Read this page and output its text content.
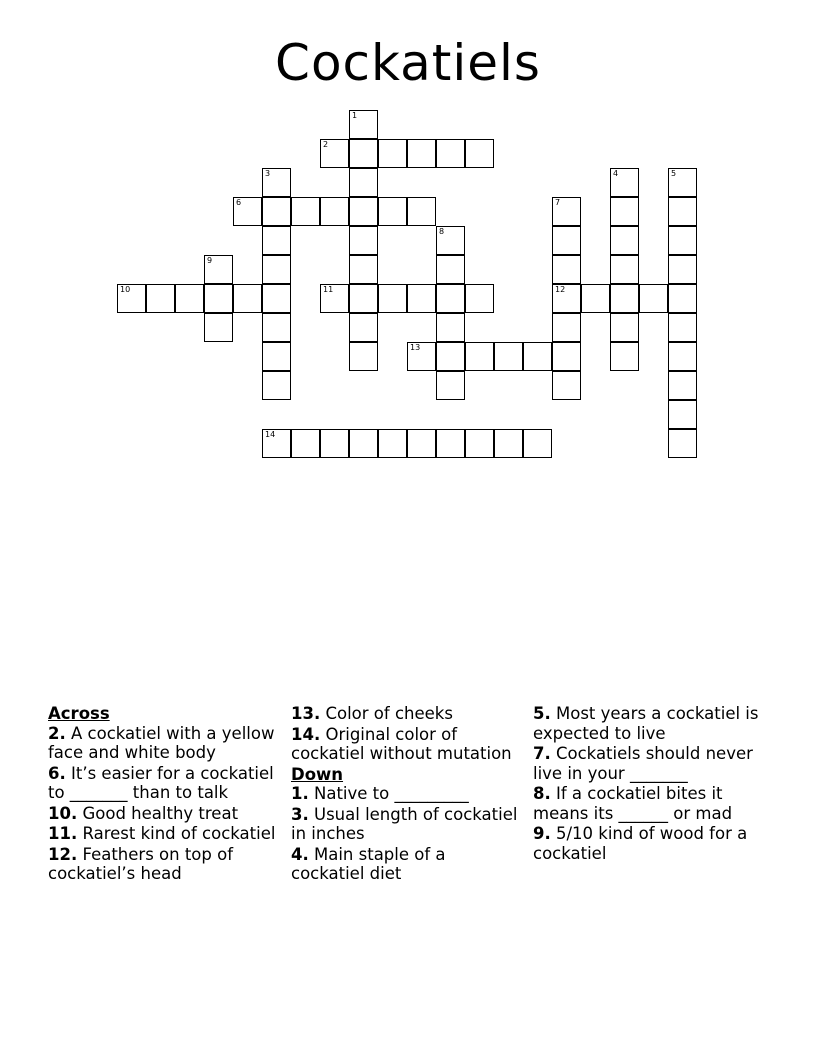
Cockatiels
1
2
3	4	5
6	7
12
8
9
10	11
13
14
Across
2. A cockatiel with a yellow face and white body
6. It’s easier for a cockatiel to _______ than to talk
10. Good healthy treat
11. Rarest kind of cockatiel
12. Feathers on top of cockatiel’s head
13. Color of cheeks
14. Original color of cockatiel without mutation
Down
1. Native to _________
3. Usual length of cockatiel in inches
4. Main staple of a cockatiel diet
5. Most years a cockatiel is expected to live
7. Cockatiels should never live in your _______
8. If a cockatiel bites it means its ______ or mad
9. 5/10 kind of wood for a cockatiel
